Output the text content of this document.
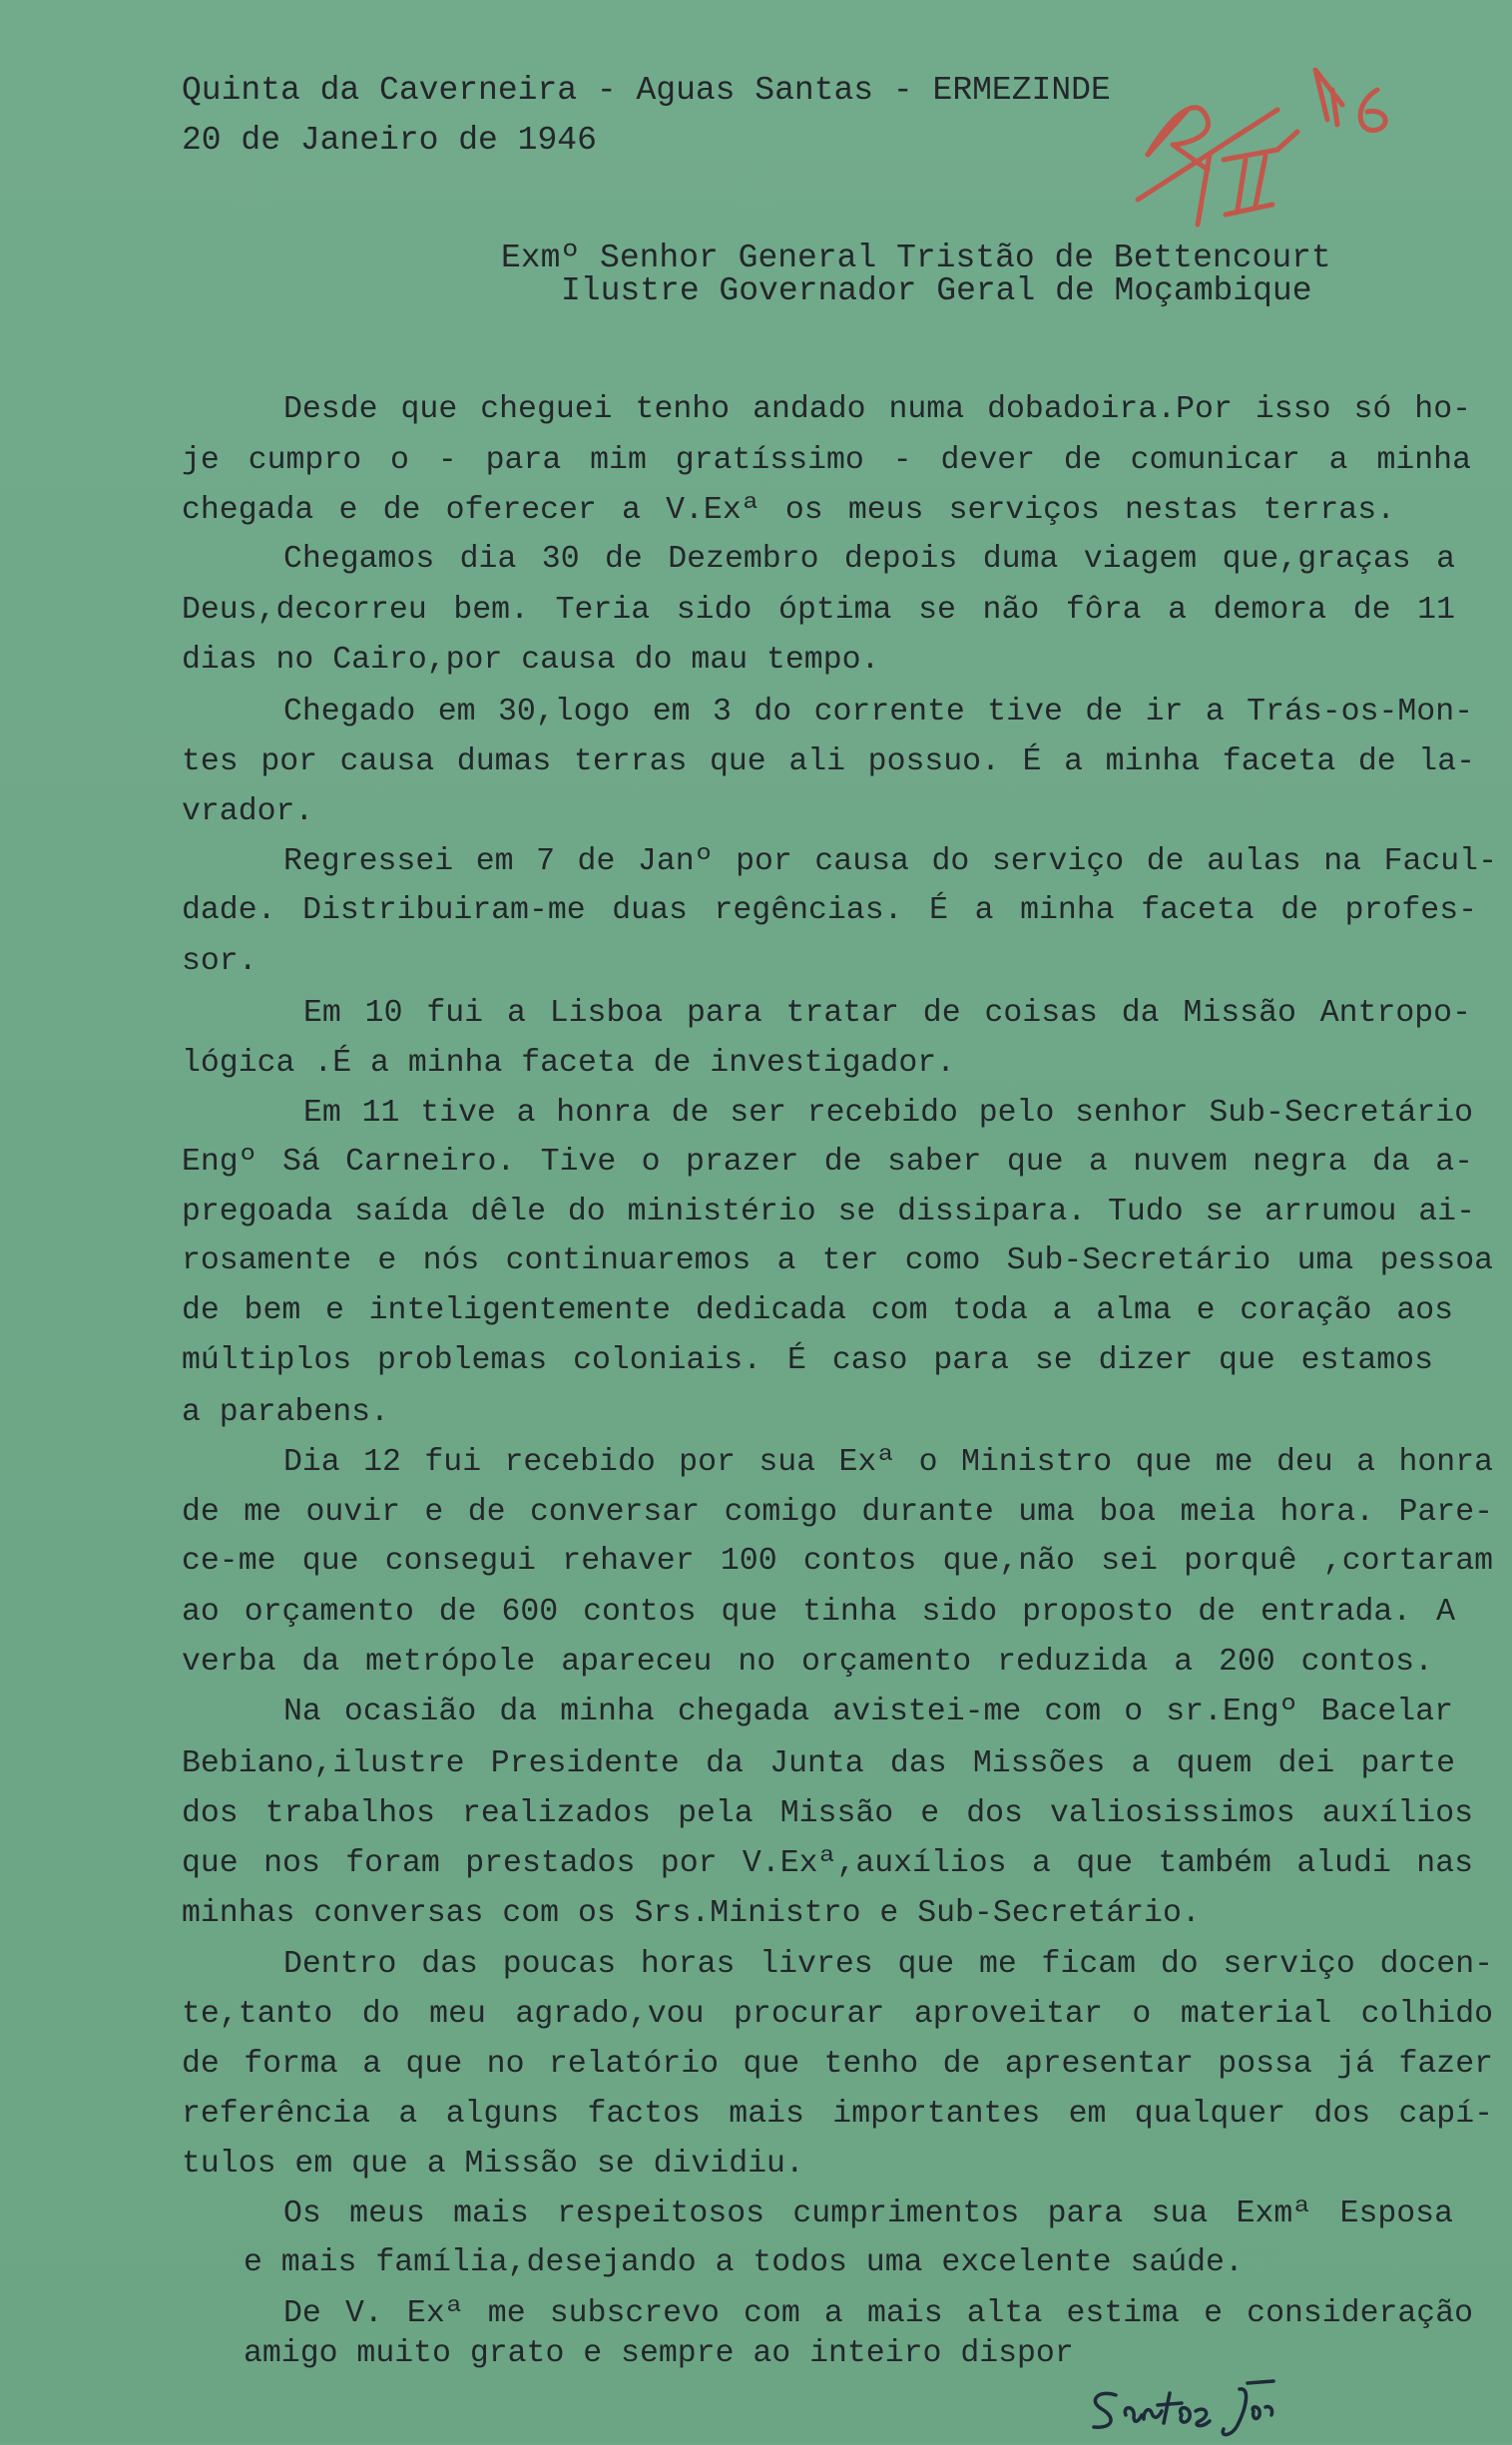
Quinta da Caverneira - Aguas Santas - ERMEZINDE
20 de Janeiro de 1946
Exmº Senhor General Tristão de Bettencourt
Ilustre Governador Geral de Moçambique
Desde que cheguei tenho andado numa dobadoira.Por isso só ho-
je cumpro o - para mim gratíssimo - dever de comunicar a minha
chegada e de oferecer a V.Exª os meus serviços nestas terras.
Chegamos dia 30 de Dezembro depois duma viagem que,graças a
Deus,decorreu bem. Teria sido óptima se não fôra a demora de 11
dias no Cairo,por causa do mau tempo.
Chegado em 30,logo em 3 do corrente tive de ir a Trás-os-Mon-
tes por causa dumas terras que ali possuo. É a minha faceta de la-
vrador.
Regressei em 7 de Janº por causa do serviço de aulas na Facul-
dade. Distribuiram-me duas regências. É a minha faceta de profes-
sor.
Em 10 fui a Lisboa para tratar de coisas da Missão Antropo-
lógica .É a minha faceta de investigador.
Em 11 tive a honra de ser recebido pelo senhor Sub-Secretário
Engº Sá Carneiro. Tive o prazer de saber que a nuvem negra da a-
pregoada saída dêle do ministério se dissipara. Tudo se arrumou ai-
rosamente e nós continuaremos a ter como Sub-Secretário uma pessoa
de bem e inteligentemente dedicada com toda a alma e coração aos
múltiplos problemas coloniais. É caso para se dizer que estamos
a parabens.
Dia 12 fui recebido por sua Exª o Ministro que me deu a honra
de me ouvir e de conversar comigo durante uma boa meia hora. Pare-
ce-me que consegui rehaver 100 contos que,não sei porquê ,cortaram
ao orçamento de 600 contos que tinha sido proposto de entrada. A
verba da metrópole apareceu no orçamento reduzida a 200 contos.
Na ocasião da minha chegada avistei-me com o sr.Engº Bacelar
Bebiano,ilustre Presidente da Junta das Missões a quem dei parte
dos trabalhos realizados pela Missão e dos valiosissimos auxílios
que nos foram prestados por V.Exª,auxílios a que também aludi nas
minhas conversas com os Srs.Ministro e Sub-Secretário.
Dentro das poucas horas livres que me ficam do serviço docen-
te,tanto do meu agrado,vou procurar aproveitar o material colhido
de forma a que no relatório que tenho de apresentar possa já fazer
referência a alguns factos mais importantes em qualquer dos capí-
tulos em que a Missão se dividiu.
Os meus mais respeitosos cumprimentos para sua Exmª Esposa
e mais família,desejando a todos uma excelente saúde.
De V. Exª me subscrevo com a mais alta estima e consideração
amigo muito grato e sempre ao inteiro dispor
